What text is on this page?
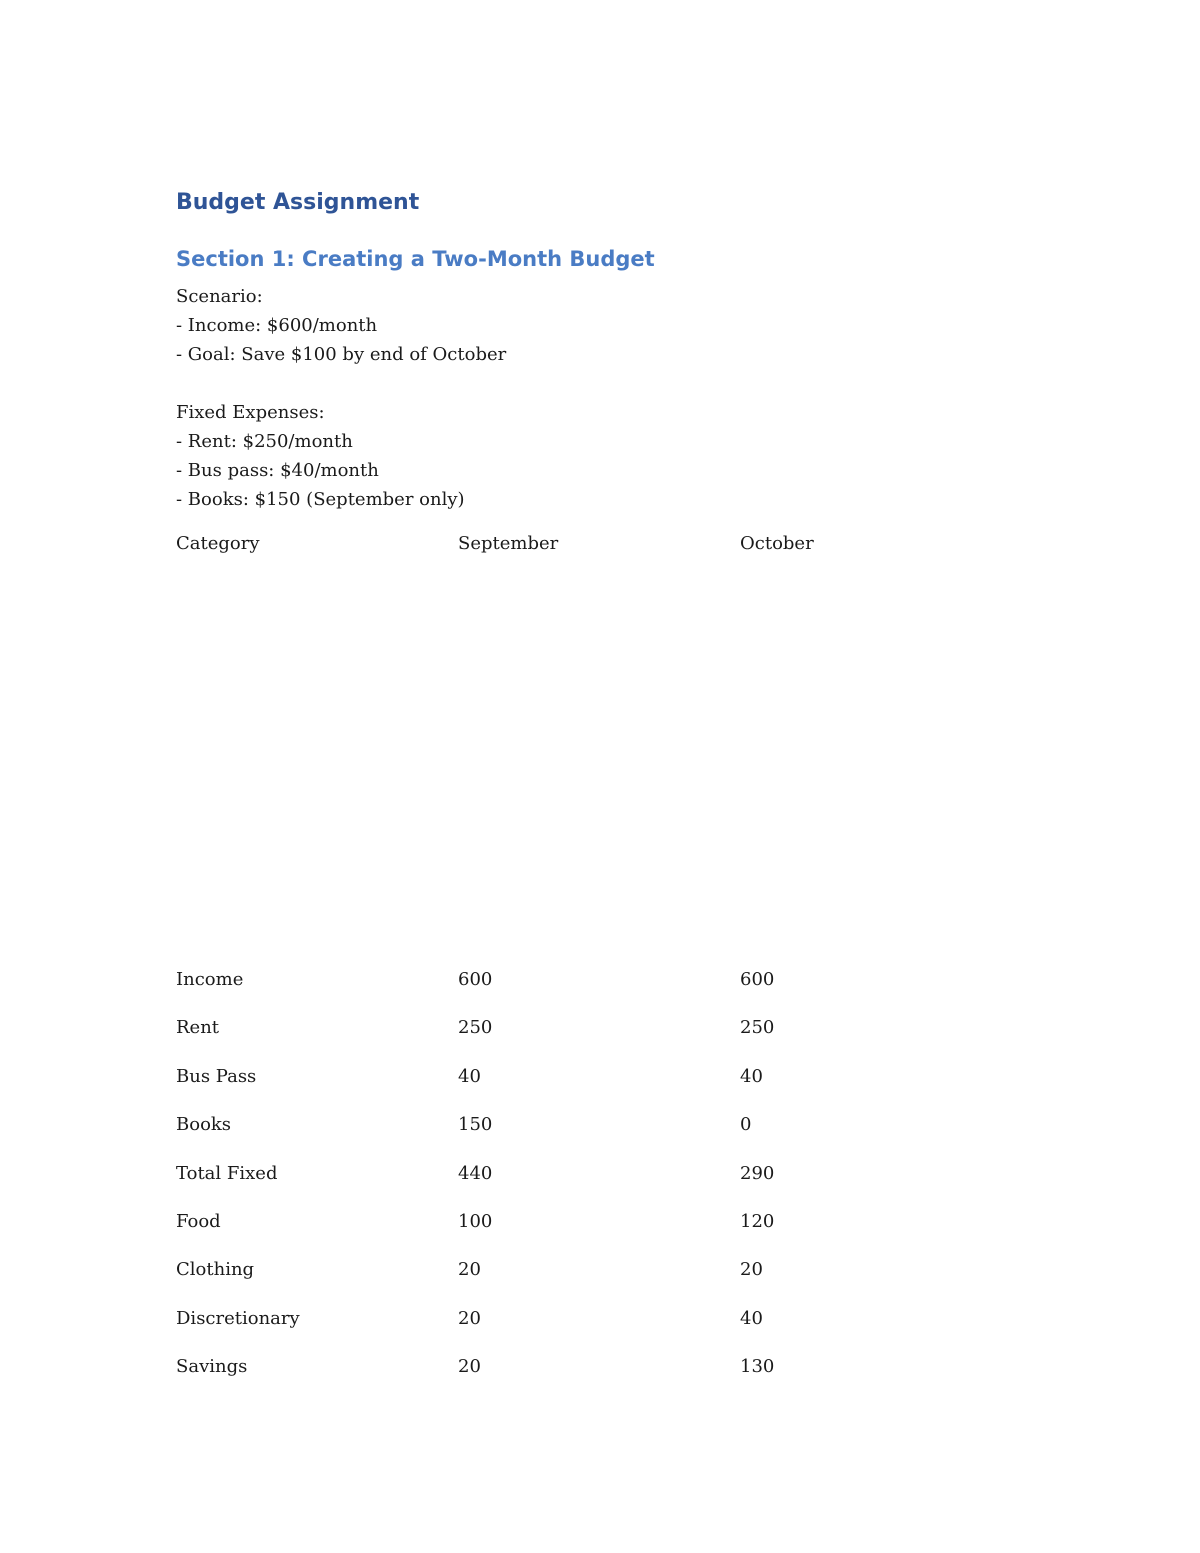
Budget Assignment
Section 1: Creating a Two-Month Budget
Scenario:
- Income: $600/month
- Goal: Save $100 by end of October
Fixed Expenses:
- Rent: $250/month
- Bus pass: $40/month
- Books: $150 (September only)
Category	September	October
Income	600	600
Rent	250	250
Bus Pass	40	40
Books	150	0
Total Fixed	440	290
Food	100	120
Clothing	20	20
Discretionary	20	40
Savings	20	130
